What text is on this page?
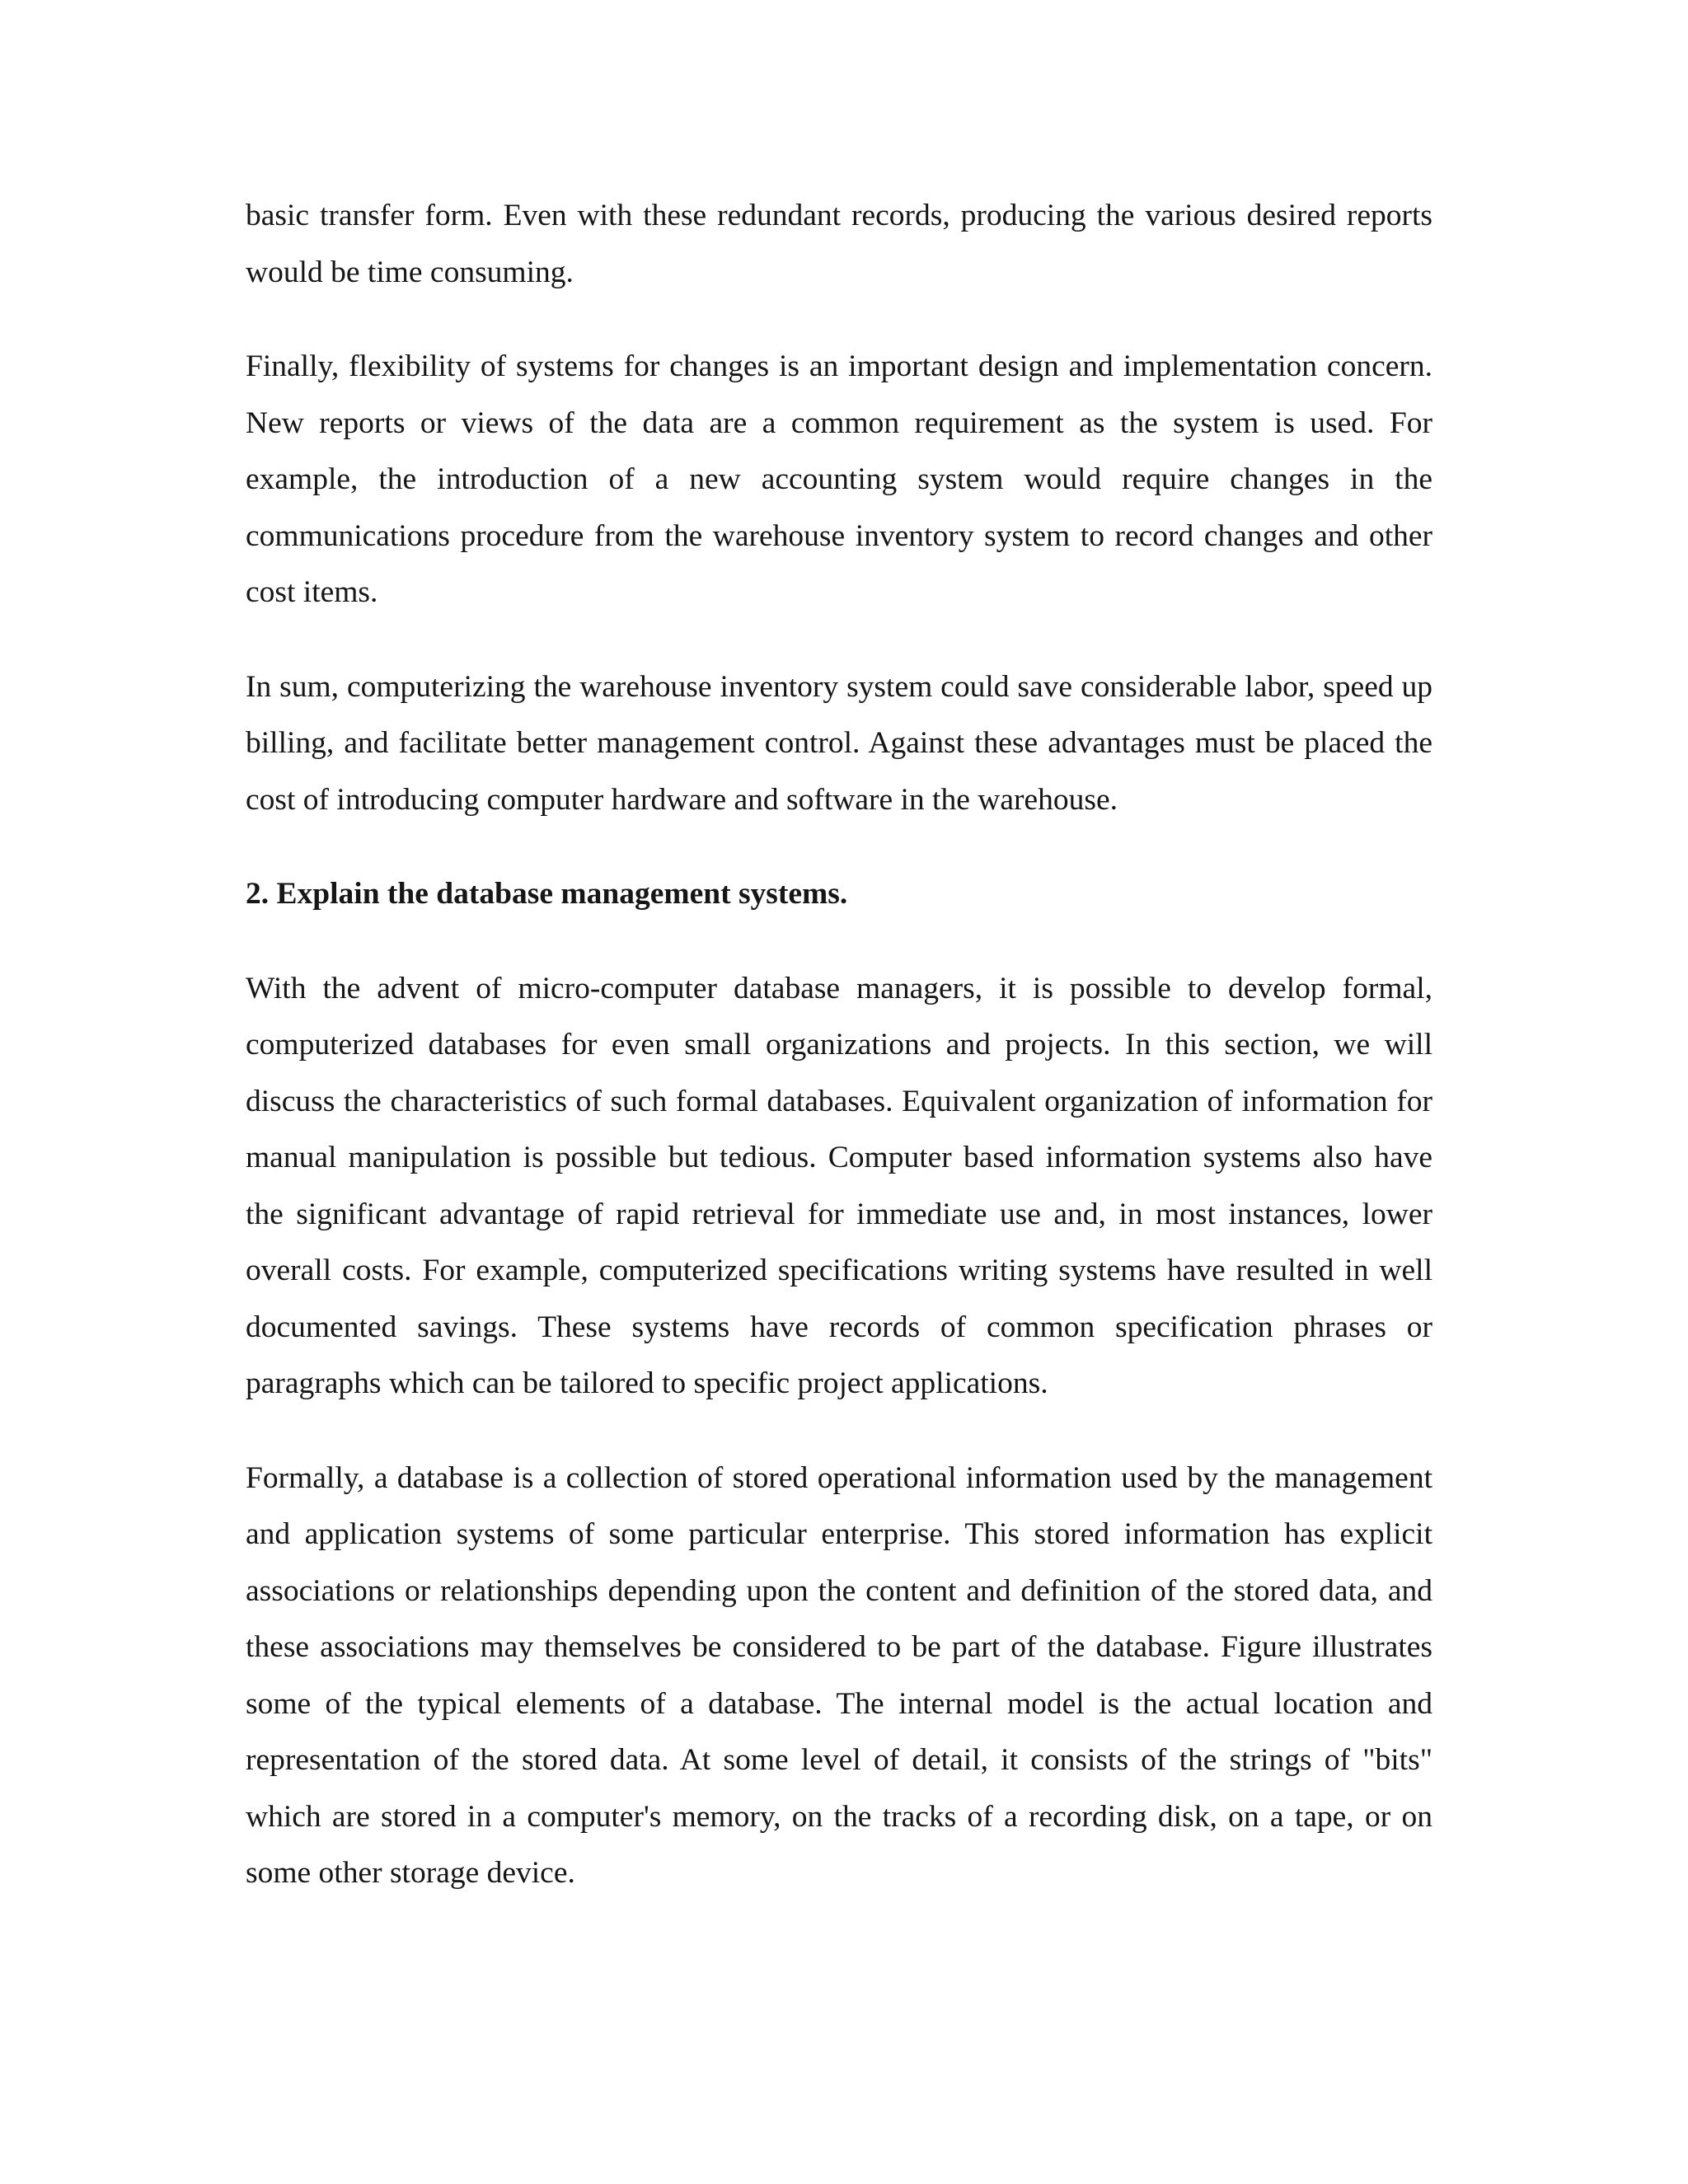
basic transfer form. Even with these redundant records, producing the various desired reports would be time consuming.

Finally, flexibility of systems for changes is an important design and implementation concern. New reports or views of the data are a common requirement as the system is used. For example, the introduction of a new accounting system would require changes in the communications procedure from the warehouse inventory system to record changes and other cost items.

In sum, computerizing the warehouse inventory system could save considerable labor, speed up billing, and facilitate better management control. Against these advantages must be placed the cost of introducing computer hardware and software in the warehouse.

2. Explain the database management systems.

With the advent of micro-computer database managers, it is possible to develop formal, computerized databases for even small organizations and projects. In this section, we will discuss the characteristics of such formal databases. Equivalent organization of information for manual manipulation is possible but tedious. Computer based information systems also have the significant advantage of rapid retrieval for immediate use and, in most instances, lower overall costs. For example, computerized specifications writing systems have resulted in well documented savings. These systems have records of common specification phrases or paragraphs which can be tailored to specific project applications.

Formally, a database is a collection of stored operational information used by the management and application systems of some particular enterprise. This stored information has explicit associations or relationships depending upon the content and definition of the stored data, and these associations may themselves be considered to be part of the database. Figure illustrates some of the typical elements of a database. The internal model is the actual location and representation of the stored data. At some level of detail, it consists of the strings of "bits" which are stored in a computer's memory, on the tracks of a recording disk, on a tape, or on some other storage device.
